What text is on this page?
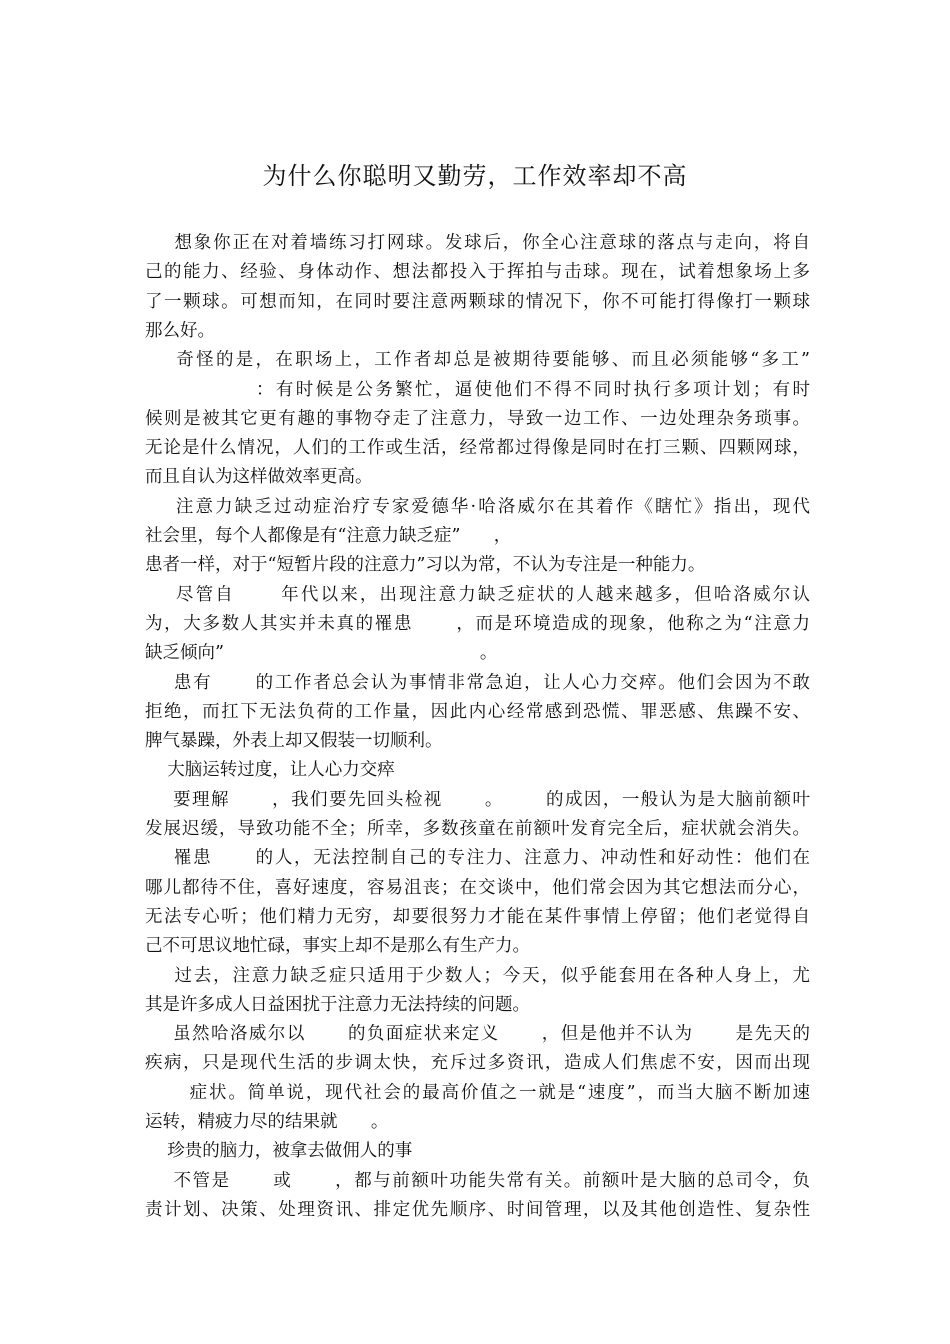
为什么你聪明又勤劳，工作效率却不高
想象你正在对着墙练习打网球。发球后，你全心注意球的落点与走向，将自
己的能力、经验、身体动作、想法都投入于挥拍与击球。现在，试着想象场上多
了一颗球。可想而知，在同时要注意两颗球的情况下，你不可能打得像打一颗球
那么好。
奇怪的是，在职场上，工作者却总是被期待要能够、而且必须能够“多工”
：有时候是公务繁忙，逼使他们不得不同时执行多项计划；有时
候则是被其它更有趣的事物夺走了注意力，导致一边工作、一边处理杂务琐事。
无论是什么情况，人们的工作或生活，经常都过得像是同时在打三颗、四颗网球，
而且自认为这样做效率更高。
注意力缺乏过动症治疗专家爱德华·哈洛威尔在其着作《瞎忙》指出，现代
社会里，每个人都像是有“注意力缺乏症”      ，
患者一样，对于“短暂片段的注意力”习以为常，不认为专注是一种能力。
尽管自      年代以来，出现注意力缺乏症状的人越来越多，但哈洛威尔认
为，大多数人其实并未真的罹患      ，而是环境造成的现象，他称之为“注意力
缺乏倾向”                                              。
患有      的工作者总会认为事情非常急迫，让人心力交瘁。他们会因为不敢
拒绝，而扛下无法负荷的工作量，因此内心经常感到恐慌、罪恶感、焦躁不安、
脾气暴躁，外表上却又假装一切顺利。
大脑运转过度，让人心力交瘁
要理解      ，我们要先回头检视      。      的成因，一般认为是大脑前额叶
发展迟缓，导致功能不全；所幸，多数孩童在前额叶发育完全后，症状就会消失。
罹患      的人，无法控制自己的专注力、注意力、冲动性和好动性：他们在
哪儿都待不住，喜好速度，容易沮丧；在交谈中，他们常会因为其它想法而分心，
无法专心听；他们精力无穷，却要很努力才能在某件事情上停留；他们老觉得自
己不可思议地忙碌，事实上却不是那么有生产力。
过去，注意力缺乏症只适用于少数人；今天，似乎能套用在各种人身上，尤
其是许多成人日益困扰于注意力无法持续的问题。
虽然哈洛威尔以      的负面症状来定义      ，但是他并不认为      是先天的
疾病，只是现代生活的步调太快，充斥过多资讯，造成人们焦虑不安，因而出现
症状。简单说，现代社会的最高价值之一就是“速度”，而当大脑不断加速
运转，精疲力尽的结果就      。
珍贵的脑力，被拿去做佣人的事
不管是      或      ，都与前额叶功能失常有关。前额叶是大脑的总司令，负
责计划、决策、处理资讯、排定优先顺序、时间管理，以及其他创造性、复杂性
